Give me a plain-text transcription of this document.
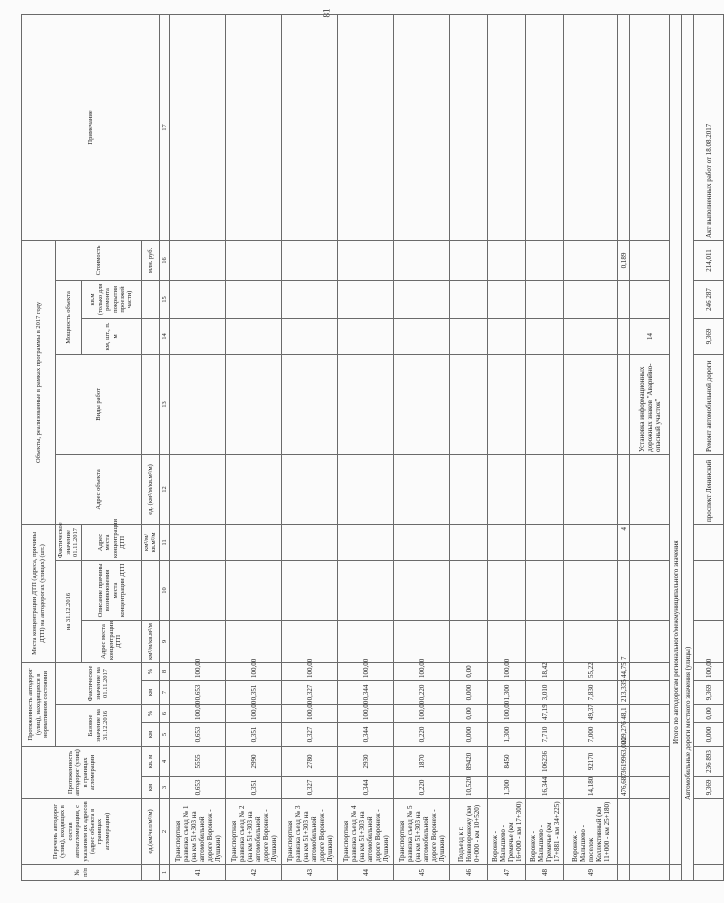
81
№ п/п	Перечень автодорог (улиц), входящих в состав автоагломерации, с указанием их адресов (адрес объекта в границах агломерации)	Протяженность автодорог (улиц) в границах агломерации		Протяженность автодорог (улиц), находящихся в нормативном состоянии				Места концентрации ДТП (адреса, причины ДТП) на автодорогах (улицах) (шт.)			Объекты, реализованные в рамках программы в 2017 году					Примечание
				Базовое значение на 31.12.2016		Фактическое значение на 01.11.2017		на 31.12.2016		Фактическое значение 01.11.2017	Адрес объекта	Виды работ	Мощность объекта		Стоимость	
								Адрес места концентрации ДТП	Описание причины возникновения места концентрации ДТП	Адрес места концентрации ДТП			км, шт., п. м	кв.м (только для ремонта покрытия проезжей части)		
	ед.(км/чел/м²/м)	км	кв. м	км	%	км	%	км²/м/кв.м²/м		км²/м/кв.м²/м	ед. (км²/м/кв.м²/м)				млн. руб.	
1	2	3	4	5	6	7	8	9	10	11	12	13	14	15	16	17
41	Транспортная развязка съезд № 1 (на км 51+303 на автомобильной дороге Воронеж - Лушкин)	0,653	5555	0,653	100,00	0,653	100,00									
42	Транспортная развязка съезд № 2 (на км 51+303 на автомобильной дороге Воронеж - Лушкин)	0,351	2990	0,351	100,00	0,351	100,00									
43	Транспортная развязка съезд № 3 (на км 51+303 на автомобильной дороге Воронеж - Лушкин)	0,327	2780	0,327	100,00	0,327	100,00									
44	Транспортная развязка съезд № 4 (на км 51+303 на автомобильной дороге Воронеж - Лушкин)	0,344	2930	0,344	100,00	0,344	100,00									
45	Транспортная развязка съезд № 5 (на км 51+303 на автомобильной дороге Воронеж - Лушкин)	0,220	1870	0,220	100,00	0,220	100,00									
46	Подъезд к г. Нововоронежу (км 0+000 - км 10+520)	10,520	89420	0,000	0,00	0,000	0,00									
47	Воронеж - Малышево - Гремячье (км 16+000 - км 17+300)	1,300	8450	1,300	100,00	1,300	100,00									
48	Воронеж - Малышево - Гремячье (км 17+881 - км 34+225)	16,344	106236	7,710	47,19	3,010	18,42									
49	Воронеж - Малышево - поселок Коллективный (км 11+000 - км 25+180)	14,180	92170	7,000	49,37	7,830	55,22									
		476,687	3619963,000	229,276	48,1	213,335	44,75	7		4					0,189	
												Установка информационных дорожных знаков "Аварийно-опасный участок"	14			
	Итого по автодорогам регионального/межмуниципального значения															
Автомобильные дороги местного значения (улицы)																
		9,369	236 893	0,000	0,00	9,369	100,00				проспект Ленинский	Ремонт автомобильной дороги	9,369	246 287	214,011	Акт выполненных работ от 18.08.2017
